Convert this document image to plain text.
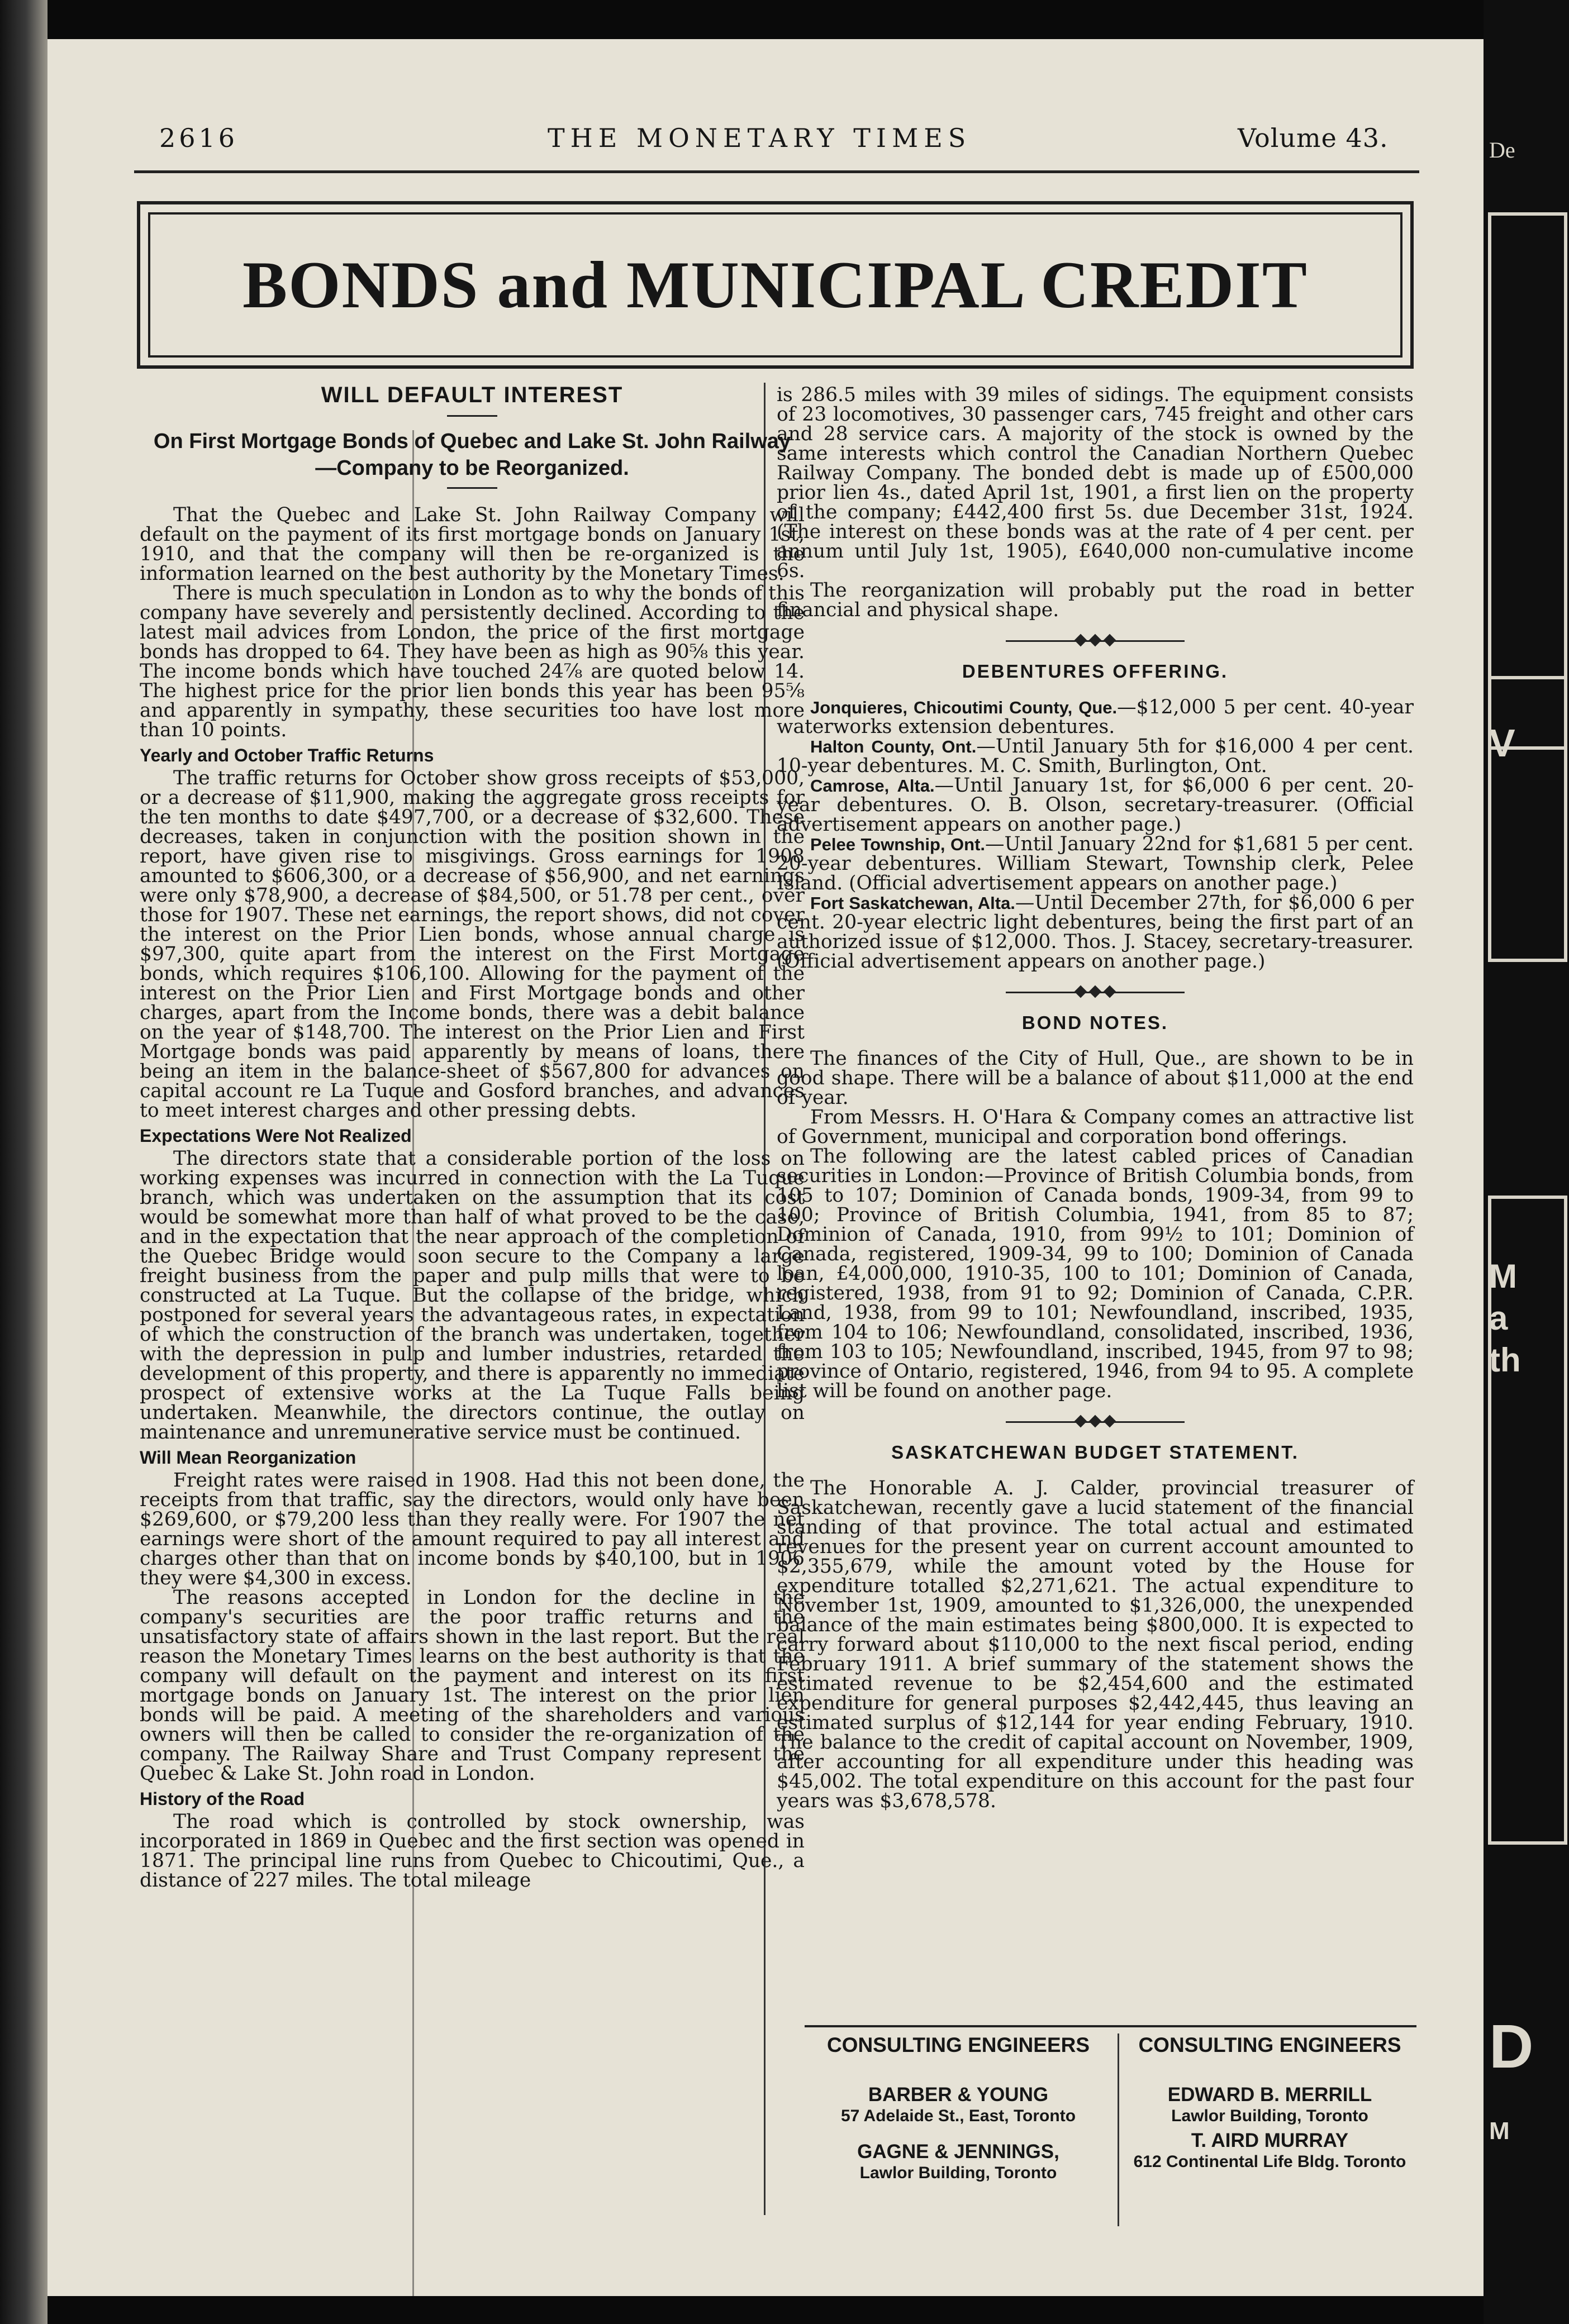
De
V
M
a
th
D
M
2616	THE MONETARY TIMES	Volume 43.
BONDS and MUNICIPAL CREDIT
WILL DEFAULT INTEREST
On First Mortgage Bonds of Quebec and Lake St. John Railway—Company to be Reorganized.

That the Quebec and Lake St. John Railway Company will default on the payment of its first mortgage bonds on January 1st, 1910, and that the company will then be re-organized is the information learned on the best authority by the Monetary Times.

There is much speculation in London as to why the bonds of this company have severely and persistently declined. According to the latest mail advices from London, the price of the first mortgage bonds has dropped to 64. They have been as high as 90⅝ this year. The income bonds which have touched 24⅞ are quoted below 14. The highest price for the prior lien bonds this year has been 95⅝ and apparently in sympathy, these securities too have lost more than 10 points.

Yearly and October Traffic Returns

The traffic returns for October show gross receipts of $53,000, or a decrease of $11,900, making the aggregate gross receipts for the ten months to date $497,700, or a decrease of $32,600. These decreases, taken in conjunction with the position shown in the report, have given rise to misgivings. Gross earnings for 1908 amounted to $606,300, or a decrease of $56,900, and net earnings were only $78,900, a decrease of $84,500, or 51.78 per cent., over those for 1907. These net earnings, the report shows, did not cover the interest on the Prior Lien bonds, whose annual charge is $97,300, quite apart from the interest on the First Mortgage bonds, which requires $106,100. Allowing for the payment of the interest on the Prior Lien and First Mortgage bonds and other charges, apart from the Income bonds, there was a debit balance on the year of $148,700. The interest on the Prior Lien and First Mortgage bonds was paid apparently by means of loans, there being an item in the balance-sheet of $567,800 for advances on capital account re La Tuque and Gosford branches, and advances to meet interest charges and other pressing debts.

Expectations Were Not Realized

The directors state that a considerable portion of the loss on working expenses was incurred in connection with the La Tuque branch, which was undertaken on the assumption that its cost would be somewhat more than half of what proved to be the case, and in the expectation that the near approach of the completion of the Quebec Bridge would soon secure to the Company a large freight business from the paper and pulp mills that were to be constructed at La Tuque. But the collapse of the bridge, which postponed for several years the advantageous rates, in expectation of which the construction of the branch was undertaken, together with the depression in pulp and lumber industries, retarded the development of this property, and there is apparently no immediate prospect of extensive works at the La Tuque Falls being undertaken. Meanwhile, the directors continue, the outlay on maintenance and unremunerative service must be continued.

Will Mean Reorganization

Freight rates were raised in 1908. Had this not been done, the receipts from that traffic, say the directors, would only have been $269,600, or $79,200 less than they really were. For 1907 the net earnings were short of the amount required to pay all interest and charges other than that on income bonds by $40,100, but in 1906 they were $4,300 in excess.

The reasons accepted in London for the decline in the company's securities are the poor traffic returns and the unsatisfactory state of affairs shown in the last report. But the real reason the Monetary Times learns on the best authority is that the company will default on the payment and interest on its first mortgage bonds on January 1st. The interest on the prior lien bonds will be paid. A meeting of the shareholders and various owners will then be called to consider the re-organization of the company. The Railway Share and Trust Company represent the Quebec & Lake St. John road in London.

History of the Road

The road which is controlled by stock ownership, was incorporated in 1869 in Quebec and the first section was opened in 1871. The principal line runs from Quebec to Chicoutimi, Que., a distance of 227 miles. The total mileage

is 286.5 miles with 39 miles of sidings. The equipment consists of 23 locomotives, 30 passenger cars, 745 freight and other cars and 28 service cars. A majority of the stock is owned by the same interests which control the Canadian Northern Quebec Railway Company. The bonded debt is made up of £500,000 prior lien 4s., dated April 1st, 1901, a first lien on the property of the company; £442,400 first 5s. due December 31st, 1924. (The interest on these bonds was at the rate of 4 per cent. per annum until July 1st, 1905), £640,000 non-cumulative income 6s.

The reorganization will probably put the road in better financial and physical shape.

DEBENTURES OFFERING.

Jonquieres, Chicoutimi County, Que.—$12,000 5 per cent. 40-year waterworks extension debentures.

Halton County, Ont.—Until January 5th for $16,000 4 per cent. 10-year debentures. M. C. Smith, Burlington, Ont.

Camrose, Alta.—Until January 1st, for $6,000 6 per cent. 20-year debentures. O. B. Olson, secretary-treasurer. (Official advertisement appears on another page.)

Pelee Township, Ont.—Until January 22nd for $1,681 5 per cent. 20-year debentures. William Stewart, Township clerk, Pelee Island. (Official advertisement appears on another page.)

Fort Saskatchewan, Alta.—Until December 27th, for $6,000 6 per cent. 20-year electric light debentures, being the first part of an authorized issue of $12,000. Thos. J. Stacey, secretary-treasurer. (Official advertisement appears on another page.)

BOND NOTES.

The finances of the City of Hull, Que., are shown to be in good shape. There will be a balance of about $11,000 at the end of year.

From Messrs. H. O'Hara & Company comes an attractive list of Government, municipal and corporation bond offerings.

The following are the latest cabled prices of Canadian securities in London:—Province of British Columbia bonds, from 105 to 107; Dominion of Canada bonds, 1909-34, from 99 to 100; Province of British Columbia, 1941, from 85 to 87; Dominion of Canada, 1910, from 99½ to 101; Dominion of Canada, registered, 1909-34, 99 to 100; Dominion of Canada loan, £4,000,000, 1910-35, 100 to 101; Dominion of Canada, registered, 1938, from 91 to 92; Dominion of Canada, C.P.R. Land, 1938, from 99 to 101; Newfoundland, inscribed, 1935, from 104 to 106; Newfoundland, consolidated, inscribed, 1936, from 103 to 105; Newfoundland, inscribed, 1945, from 97 to 98; province of Ontario, registered, 1946, from 94 to 95. A complete list will be found on another page.

SASKATCHEWAN BUDGET STATEMENT.

The Honorable A. J. Calder, provincial treasurer of Saskatchewan, recently gave a lucid statement of the financial standing of that province. The total actual and estimated revenues for the present year on current account amounted to $2,355,679, while the amount voted by the House for expenditure totalled $2,271,621. The actual expenditure to November 1st, 1909, amounted to $1,326,000, the unexpended balance of the main estimates being $800,000. It is expected to carry forward about $110,000 to the next fiscal period, ending February 1911. A brief summary of the statement shows the estimated revenue to be $2,454,600 and the estimated expenditure for general purposes $2,442,445, thus leaving an estimated surplus of $12,144 for year ending February, 1910. The balance to the credit of capital account on November, 1909, after accounting for all expenditure under this heading was $45,002. The total expenditure on this account for the past four years was $3,678,578.

CONSULTING ENGINEERS
BARBER & YOUNG
57 Adelaide St., East, Toronto
GAGNE & JENNINGS,
Lawlor Building, Toronto
CONSULTING ENGINEERS
EDWARD B. MERRILL
Lawlor Building, Toronto
T. AIRD MURRAY
612 Continental Life Bldg. Toronto
